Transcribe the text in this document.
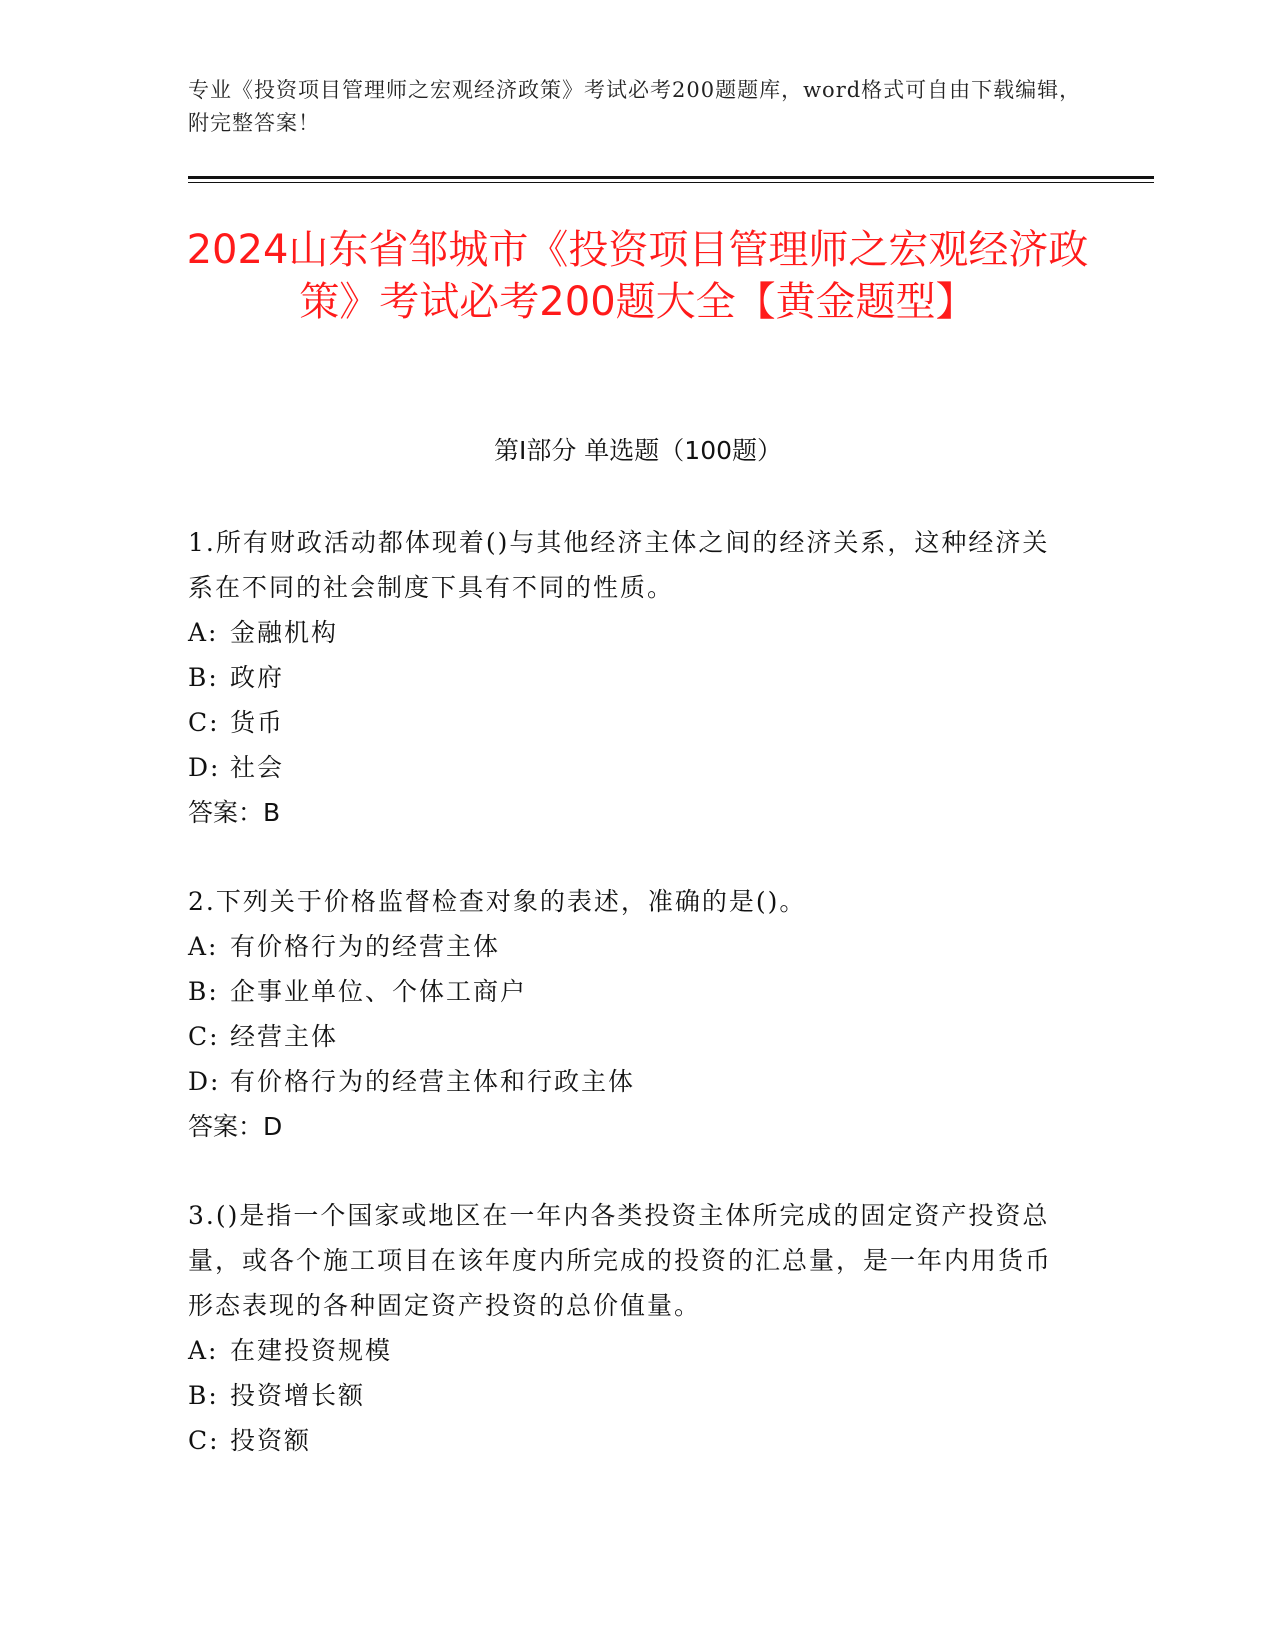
专业《投资项目管理师之宏观经济政策》考试必考200题题库，word格式可自由下载编辑，附完整答案！
2024山东省邹城市《投资项目管理师之宏观经济政策》考试必考200题大全【黄金题型】
第I部分 单选题（100题）

1.所有财政活动都体现着()与其他经济主体之间的经济关系，这种经济关系在不同的社会制度下具有不同的性质。

A: 金融机构

B: 政府

C: 货币

D: 社会

答案：B

2.下列关于价格监督检查对象的表述，准确的是()。

A: 有价格行为的经营主体

B: 企事业单位、个体工商户

C: 经营主体

D: 有价格行为的经营主体和行政主体

答案：D

3.()是指一个国家或地区在一年内各类投资主体所完成的固定资产投资总量，或各个施工项目在该年度内所完成的投资的汇总量，是一年内用货币形态表现的各种固定资产投资的总价值量。

A: 在建投资规模

B: 投资增长额

C: 投资额
